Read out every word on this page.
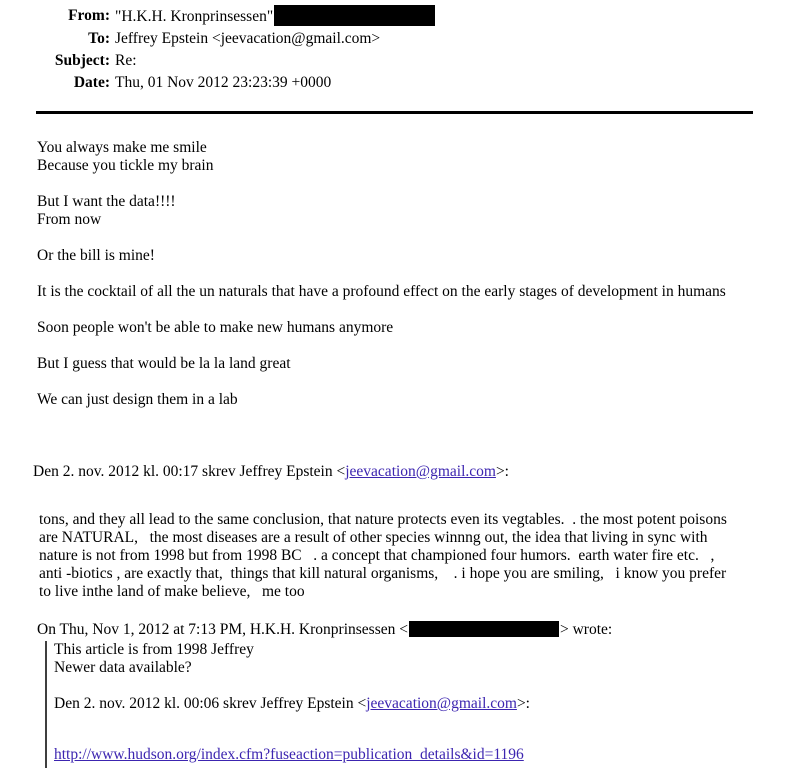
From: "H.K.H. Kronprinsessen"
To: Jeffrey Epstein <jeevacation@gmail.com>
Subject: Re:
Date: Thu, 01 Nov 2012 23:23:39 +0000
You always make me smile
Because you tickle my brain
But I want the data!!!!
From now
Or the bill is mine!
It is the cocktail of all the un naturals that have a profound effect on the early stages of development in humans
Soon people won't be able to make new humans anymore
But I guess that would be la la land great
We can just design them in a lab
Den 2. nov. 2012 kl. 00:17 skrev Jeffrey Epstein <jeevacation@gmail.com>:
tons, and they all lead to the same conclusion, that nature protects even its vegtables.  . the most potent poisons
are NATURAL,   the most diseases are a result of other species winnng out, the idea that living in sync with
nature is not from 1998 but from 1998 BC   . a concept that championed four humors.  earth water fire etc.   ,
anti -biotics , are exactly that,  things that kill natural organisms,    . i hope you are smiling,   i know you prefer
to live inthe land of make believe,   me too
On Thu, Nov 1, 2012 at 7:13 PM, H.K.H. Kronprinsessen <	> wrote:
This article is from 1998 Jeffrey
Newer data available?
Den 2. nov. 2012 kl. 00:06 skrev Jeffrey Epstein <jeevacation@gmail.com>:
http://www.hudson.org/index.cfm?fuseaction=publication_details&id=1196
